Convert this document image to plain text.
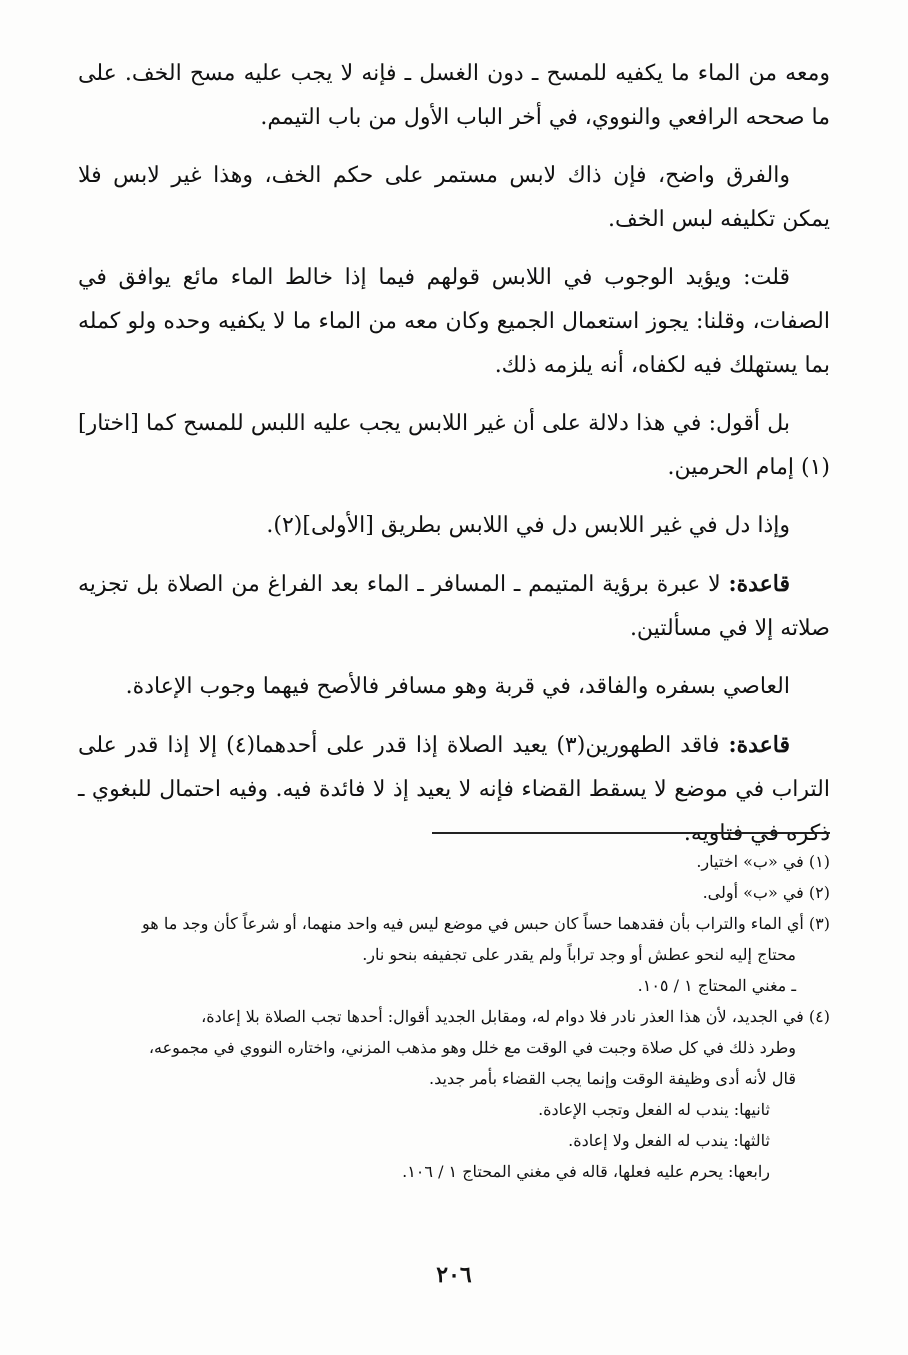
ومعه من الماء ما يكفيه للمسح ـ دون الغسل ـ فإنه لا يجب عليه مسح الخف. على ما صححه الرافعي والنووي، في أخر الباب الأول من باب التيمم.

والفرق واضح، فإن ذاك لابس مستمر على حكم الخف، وهذا غير لابس فلا يمكن تكليفه لبس الخف.

قلت: ويؤيد الوجوب في اللابس قولهم فيما إذا خالط الماء مائع يوافق في الصفات، وقلنا: يجوز استعمال الجميع وكان معه من الماء ما لا يكفيه وحده ولو كمله بما يستهلك فيه لكفاه، أنه يلزمه ذلك.

بل أقول: في هذا دلالة على أن غير اللابس يجب عليه اللبس للمسح كما [اختار](١) إمام الحرمين.

وإذا دل في غير اللابس دل في اللابس بطريق [الأولى](٢).

قاعدة: لا عبرة برؤية المتيمم ـ المسافر ـ الماء بعد الفراغ من الصلاة بل تجزيه صلاته إلا في مسألتين.

العاصي بسفره والفاقد، في قربة وهو مسافر فالأصح فيهما وجوب الإعادة.

قاعدة: فاقد الطهورين(٣) يعيد الصلاة إذا قدر على أحدهما(٤) إلا إذا قدر على التراب في موضع لا يسقط القضاء فإنه لا يعيد إذ لا فائدة فيه. وفيه احتمال للبغوي ـ ذكره في فتاويه.

(١) في «ب» اختيار.

(٢) في «ب» أولى.

(٣) أي الماء والتراب بأن فقدهما حساً كان حبس في موضع ليس فيه واحد منهما، أو شرعاً كأن وجد ما هو

محتاج إليه لنحو عطش أو وجد تراباً ولم يقدر على تجفيفه بنحو نار.

ـ مغني المحتاج ١ / ١٠٥.

(٤) في الجديد، لأن هذا العذر نادر فلا دوام له، ومقابل الجديد أقوال: أحدها تجب الصلاة بلا إعادة،

وطرد ذلك في كل صلاة وجبت في الوقت مع خلل وهو مذهب المزني، واختاره النووي في مجموعه،

قال لأنه أدى وظيفة الوقت وإنما يجب القضاء بأمر جديد.

ثانيها: يندب له الفعل وتجب الإعادة.

ثالثها: يندب له الفعل ولا إعادة.

رابعها: يحرم عليه فعلها، قاله في مغني المحتاج ١ / ١٠٦.

٢٠٦
